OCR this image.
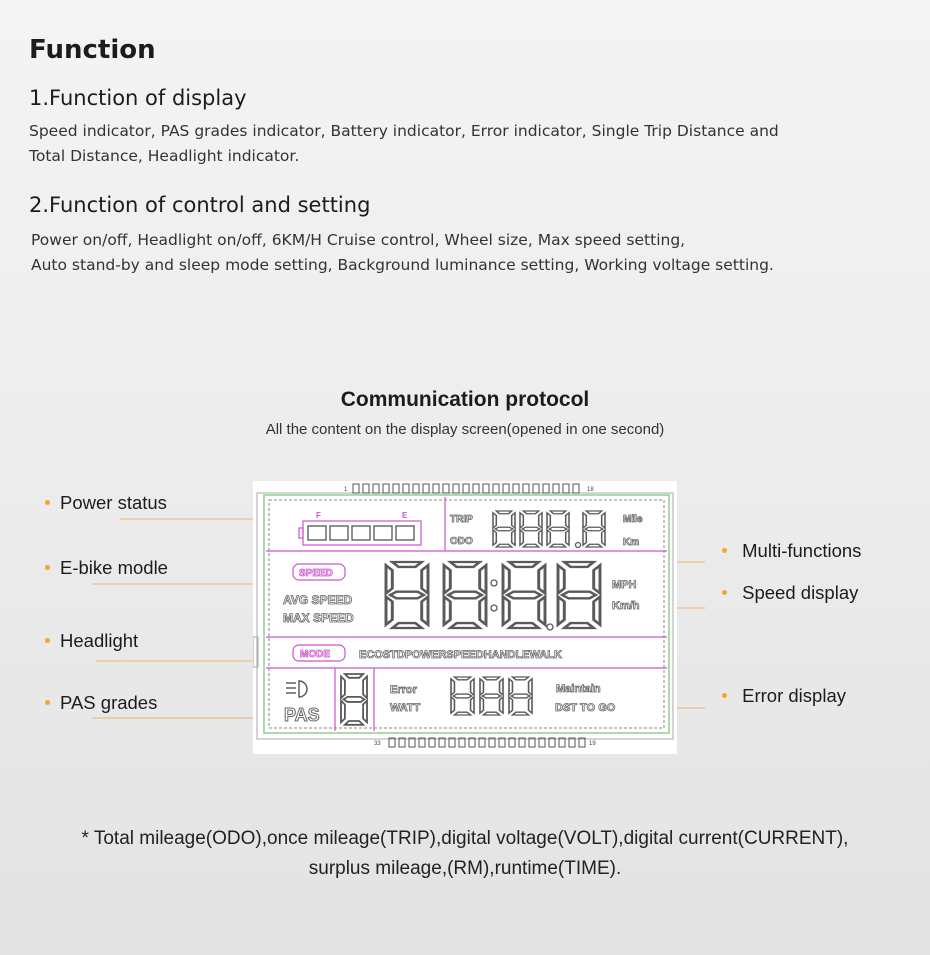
Function
1.Function of display
Speed indicator, PAS grades indicator, Battery indicator, Error indicator, Single Trip Distance and
Total Distance, Headlight indicator.
2.Function of control and setting
Power on/off, Headlight on/off, 6KM/H Cruise control, Wheel size, Max speed setting,
Auto stand-by and sleep mode setting, Background luminance setting, Working voltage setting.
Communication protocol
All the content on the display screen(opened in one second)
Power status
E-bike modle
Headlight
PAS grades
Multi-functions
Speed display
Error display
1	18
33	19
F	E	TRIP
ODO
Mile
Km
SPEED
AVG SPEED
MAX SPEED
MPH
Km/h
MODE	ECOSTDPOWERSPEEDHANDLEWALK
PAS
Error
WATT
Maintain
DST TO GO
* Total mileage(ODO),once mileage(TRIP),digital voltage(VOLT),digital current(CURRENT),
surplus mileage,(RM),runtime(TIME).
